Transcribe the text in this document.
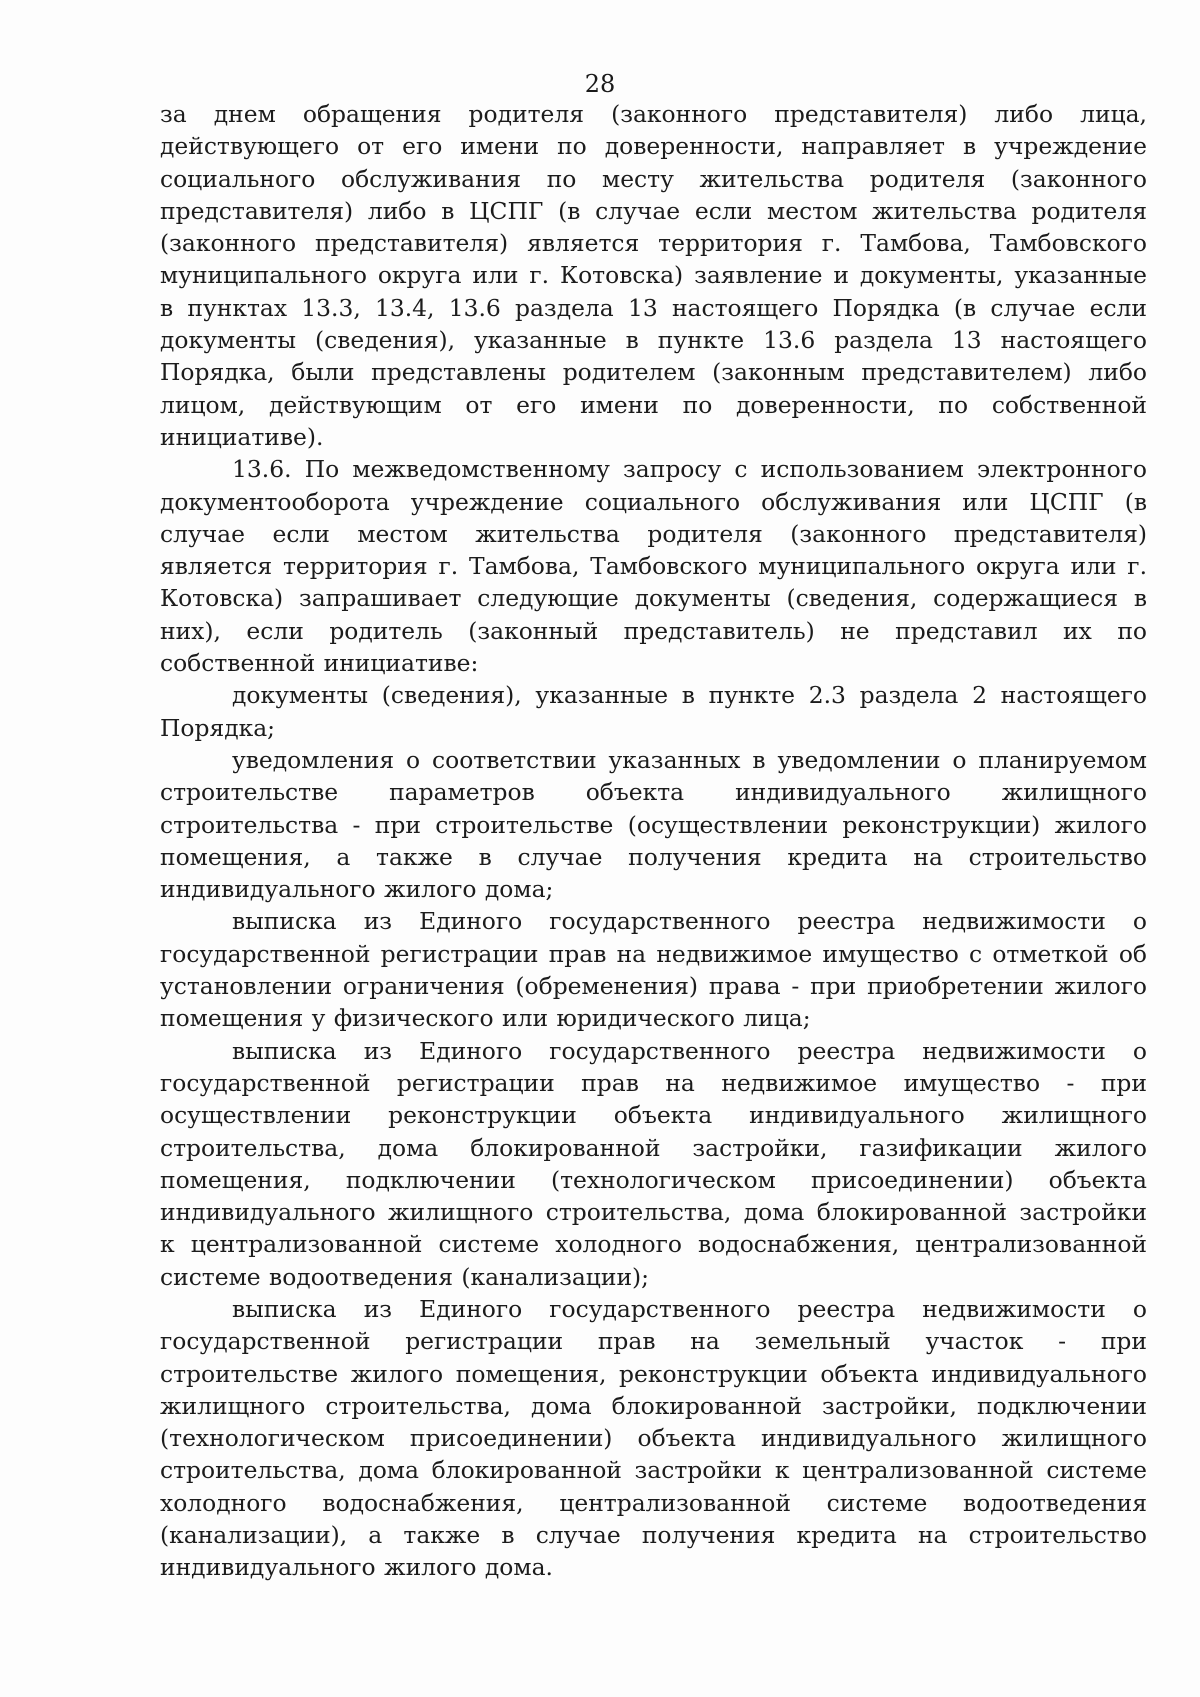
28

за днем обращения родителя (законного представителя) либо лица, действующего от его имени по доверенности, направляет в учреждение социального обслуживания по месту жительства родителя (законного представителя) либо в ЦСПГ (в случае если местом жительства родителя (законного представителя) является территория г. Тамбова, Тамбовского муниципального округа или г. Котовска) заявление и документы, указанные в пунктах 13.3, 13.4, 13.6 раздела 13 настоящего Порядка (в случае если документы (сведения), указанные в пункте 13.6 раздела 13 настоящего Порядка, были представлены родителем (законным представителем) либо лицом, действующим от его имени по доверенности, по собственной инициативе).

13.6. По межведомственному запросу с использованием электронного документооборота учреждение социального обслуживания или ЦСПГ (в случае если местом жительства родителя (законного представителя) является территория г. Тамбова, Тамбовского муниципального округа или г. Котовска) запрашивает следующие документы (сведения, содержащиеся в них), если родитель (законный представитель) не представил их по собственной инициативе:

документы (сведения), указанные в пункте 2.3 раздела 2 настоящего Порядка;

уведомления о соответствии указанных в уведомлении о планируемом строительстве параметров объекта индивидуального жилищного строительства - при строительстве (осуществлении реконструкции) жилого помещения, а также в случае получения кредита на строительство индивидуального жилого дома;

выписка из Единого государственного реестра недвижимости о государственной регистрации прав на недвижимое имущество с отметкой об установлении ограничения (обременения) права - при приобретении жилого помещения у физического или юридического лица;

выписка из Единого государственного реестра недвижимости о государственной регистрации прав на недвижимое имущество - при осуществлении реконструкции объекта индивидуального жилищного строительства, дома блокированной застройки, газификации жилого помещения, подключении (технологическом присоединении) объекта индивидуального жилищного строительства, дома блокированной застройки к централизованной системе холодного водоснабжения, централизованной системе водоотведения (канализации);

выписка из Единого государственного реестра недвижимости о государственной регистрации прав на земельный участок - при строительстве жилого помещения, реконструкции объекта индивидуального жилищного строительства, дома блокированной застройки, подключении (технологическом присоединении) объекта индивидуального жилищного строительства, дома блокированной застройки к централизованной системе холодного водоснабжения, централизованной системе водоотведения (канализации), а также в случае получения кредита на строительство индивидуального жилого дома.
